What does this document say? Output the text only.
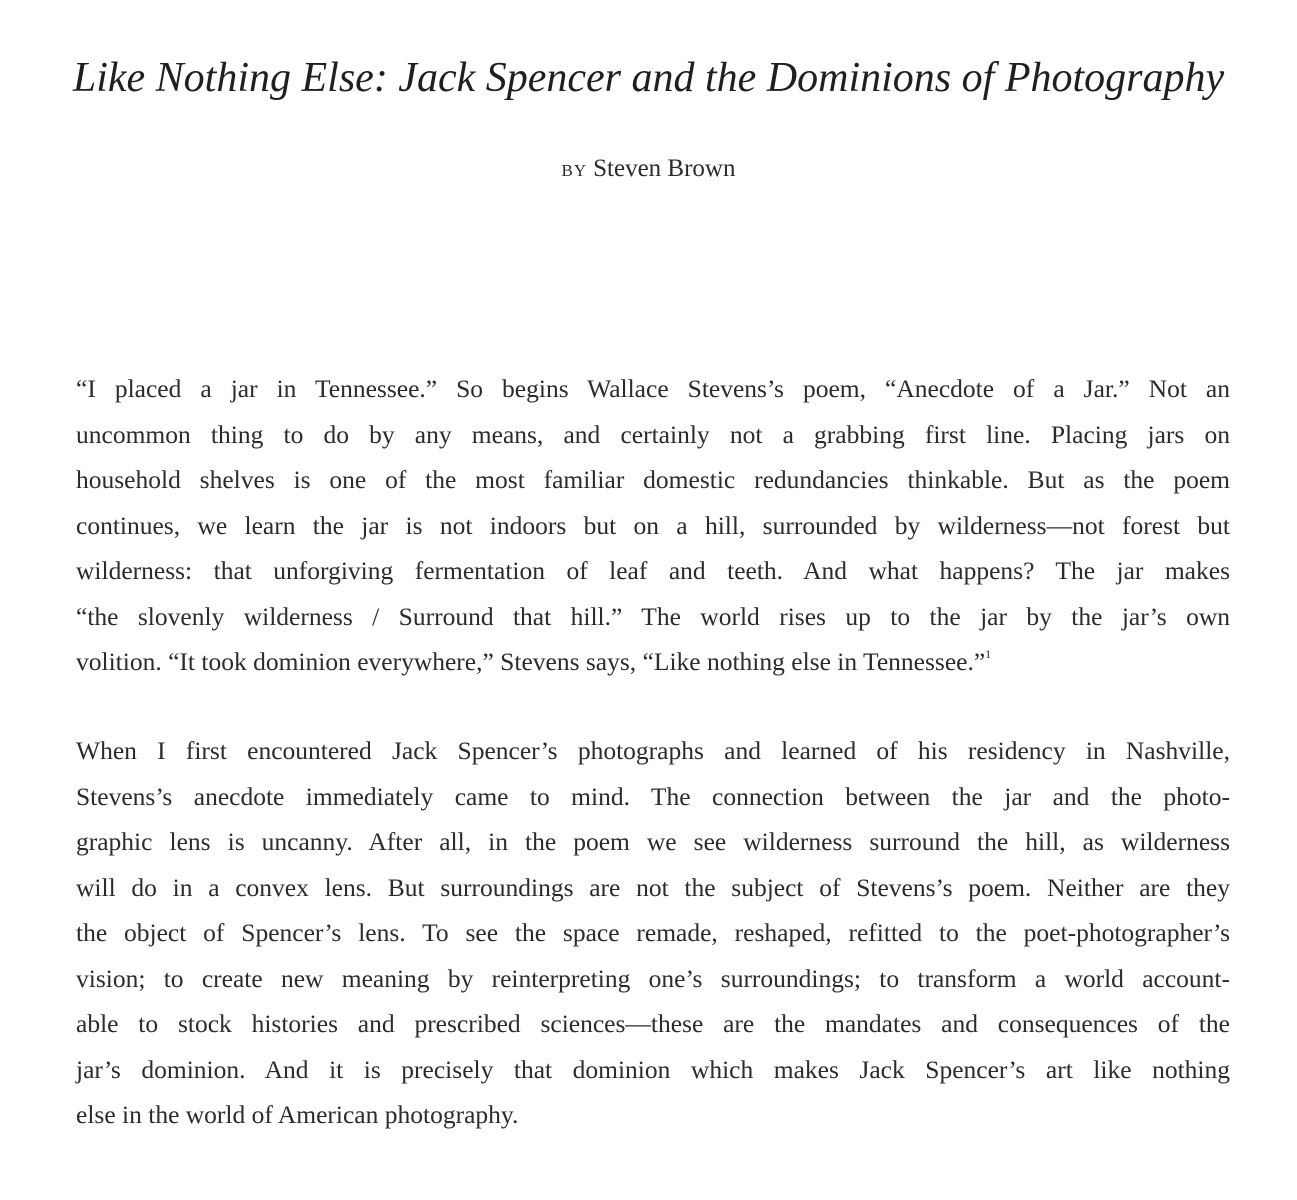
Like Nothing Else: Jack Spencer and the Dominions of Photography

BY Steven Brown

“I placed a jar in Tennessee.” So begins Wallace Stevens’s poem, “Anecdote of a Jar.” Not an
uncommon thing to do by any means, and certainly not a grabbing first line. Placing jars on
household shelves is one of the most familiar domestic redundancies thinkable. But as the poem
continues, we learn the jar is not indoors but on a hill, surrounded by wilderness—not forest but
wilderness: that unforgiving fermentation of leaf and teeth. And what happens? The jar makes
“the slovenly wilderness / Surround that hill.” The world rises up to the jar by the jar’s own
volition. “It took dominion everywhere,” Stevens says, “Like nothing else in Tennessee.”$^1$
When I first encountered Jack Spencer’s photographs and learned of his residency in Nashville,
Stevens’s anecdote immediately came to mind. The connection between the jar and the photo-
graphic lens is uncanny. After all, in the poem we see wilderness surround the hill, as wilderness
will do in a convex lens. But surroundings are not the subject of Stevens’s poem. Neither are they
the object of Spencer’s lens. To see the space remade, reshaped, refitted to the poet-photographer’s
vision; to create new meaning by reinterpreting one’s surroundings; to transform a world account-
able to stock histories and prescribed sciences—these are the mandates and consequences of the
jar’s dominion. And it is precisely that dominion which makes Jack Spencer’s art like nothing
else in the world of American photography.
